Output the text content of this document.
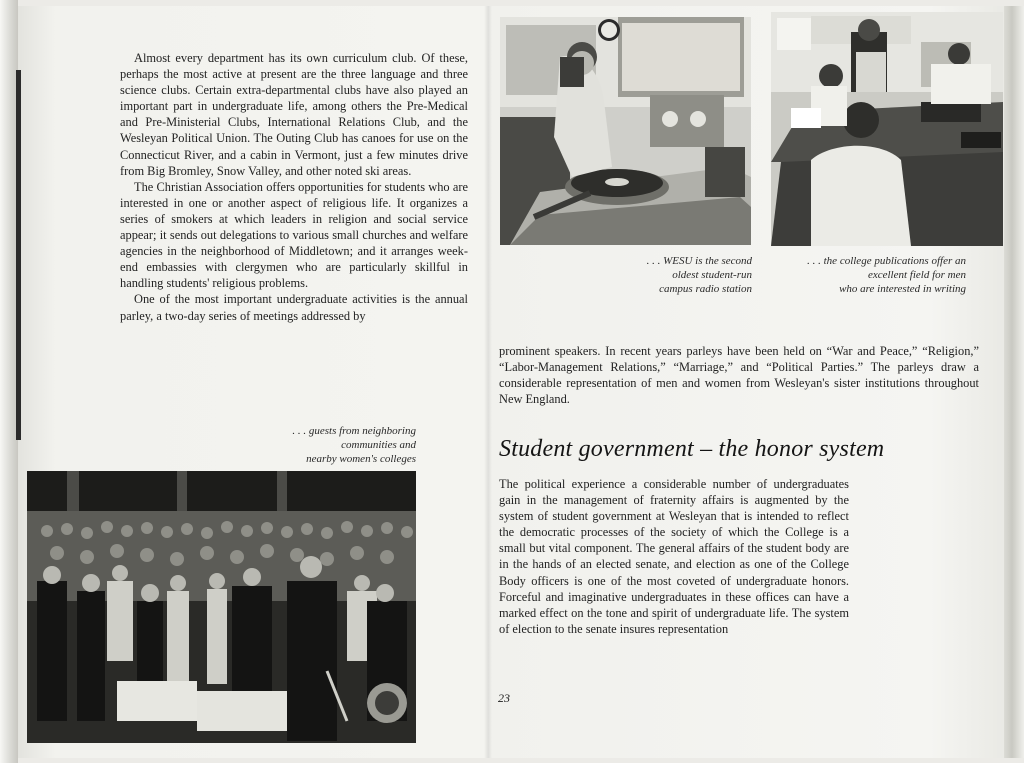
Almost every department has its own curriculum club. Of these, perhaps the most active at present are the three language and three science clubs. Certain extra-departmental clubs have also played an important part in undergraduate life, among others the Pre-Medical and Pre-Ministerial Clubs, International Relations Club, and the Wesleyan Political Union. The Outing Club has canoes for use on the Connecticut River, and a cabin in Vermont, just a few minutes drive from Big Bromley, Snow Valley, and other noted ski areas.

The Christian Association offers opportunities for students who are interested in one or another aspect of religious life. It organizes a series of smokers at which leaders in religion and social service appear; it sends out delegations to various small churches and welfare agencies in the neighborhood of Middletown; and it arranges week-end embassies with clergymen who are particularly skillful in handling students' religious problems.

One of the most important undergraduate activities is the annual parley, a two-day series of meetings addressed by

. . . WESU is the second
oldest student-run
campus radio station
. . . the college publications offer an
excellent field for men
who are interested in writing

prominent speakers. In recent years parleys have been held on “War and Peace,” “Religion,” “Labor-Management Relations,” “Marriage,” and “Political Parties.” The parleys draw a considerable representation of men and women from Wesleyan's sister institutions throughout New England.

Student government – the honor system

The political experience a considerable number of undergraduates gain in the management of fraternity affairs is augmented by the system of student government at Wesleyan that is intended to reflect the democratic processes of the society of which the College is a small but vital component. The general affairs of the student body are in the hands of an elected senate, and election as one of the College Body officers is one of the most coveted of undergraduate honors. Forceful and imaginative undergraduates in these offices can have a marked effect on the tone and spirit of undergraduate life. The system of election to the senate insures representation

. . . guests from neighboring
communities and
nearby women's colleges
23
